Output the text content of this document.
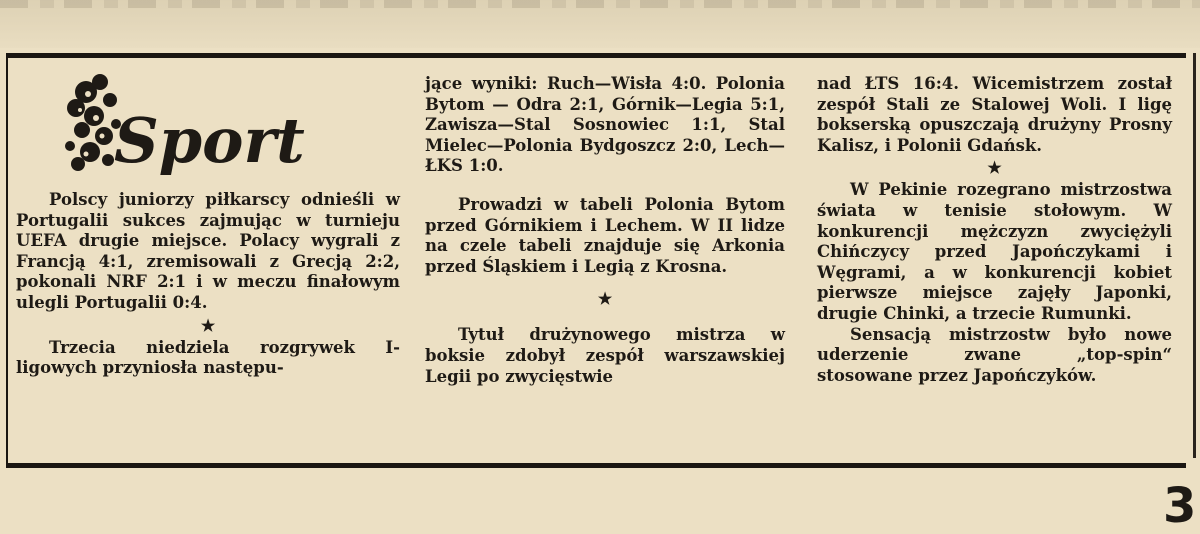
Sport

Polscy juniorzy piłkarscy odnieśli w Portugalii sukces zajmując w turnieju UEFA drugie miejsce. Polacy wygrali z Francją 4:1, zremisowali z Grecją 2:2, pokonali NRF 2:1 i w meczu finałowym ulegli Portugalii 0:4.

★

Trzecia niedziela rozgrywek I-ligowych przyniosła następu-

jące wyniki: Ruch—Wisła 4:0. Polonia Bytom — Odra 2:1, Górnik—Legia 5:1, Zawisza—Stal Sosnowiec 1:1, Stal Mielec—Polonia Bydgoszcz 2:0, Lech—ŁKS 1:0.

Prowadzi w tabeli Polonia Bytom przed Górnikiem i Lechem. W II lidze na czele tabeli znajduje się Arkonia przed Śląskiem i Legią z Krosna.

★

Tytuł drużynowego mistrza w boksie zdobył zespół warszawskiej Legii po zwycięstwie

nad ŁTS 16:4. Wicemistrzem został zespół Stali ze Stalowej Woli. I ligę bokserską opuszczają drużyny Prosny Kalisz, i Polonii Gdańsk.

★

W Pekinie rozegrano mistrzostwa świata w tenisie stołowym. W konkurencji mężczyzn zwyciężyli Chińczycy przed Japończykami i Węgrami, a w konkurencji kobiet pierwsze miejsce zajęły Japonki, drugie Chinki, a trzecie Rumunki.

Sensacją mistrzostw było nowe uderzenie zwane „top-spin“ stosowane przez Japończyków.

3
